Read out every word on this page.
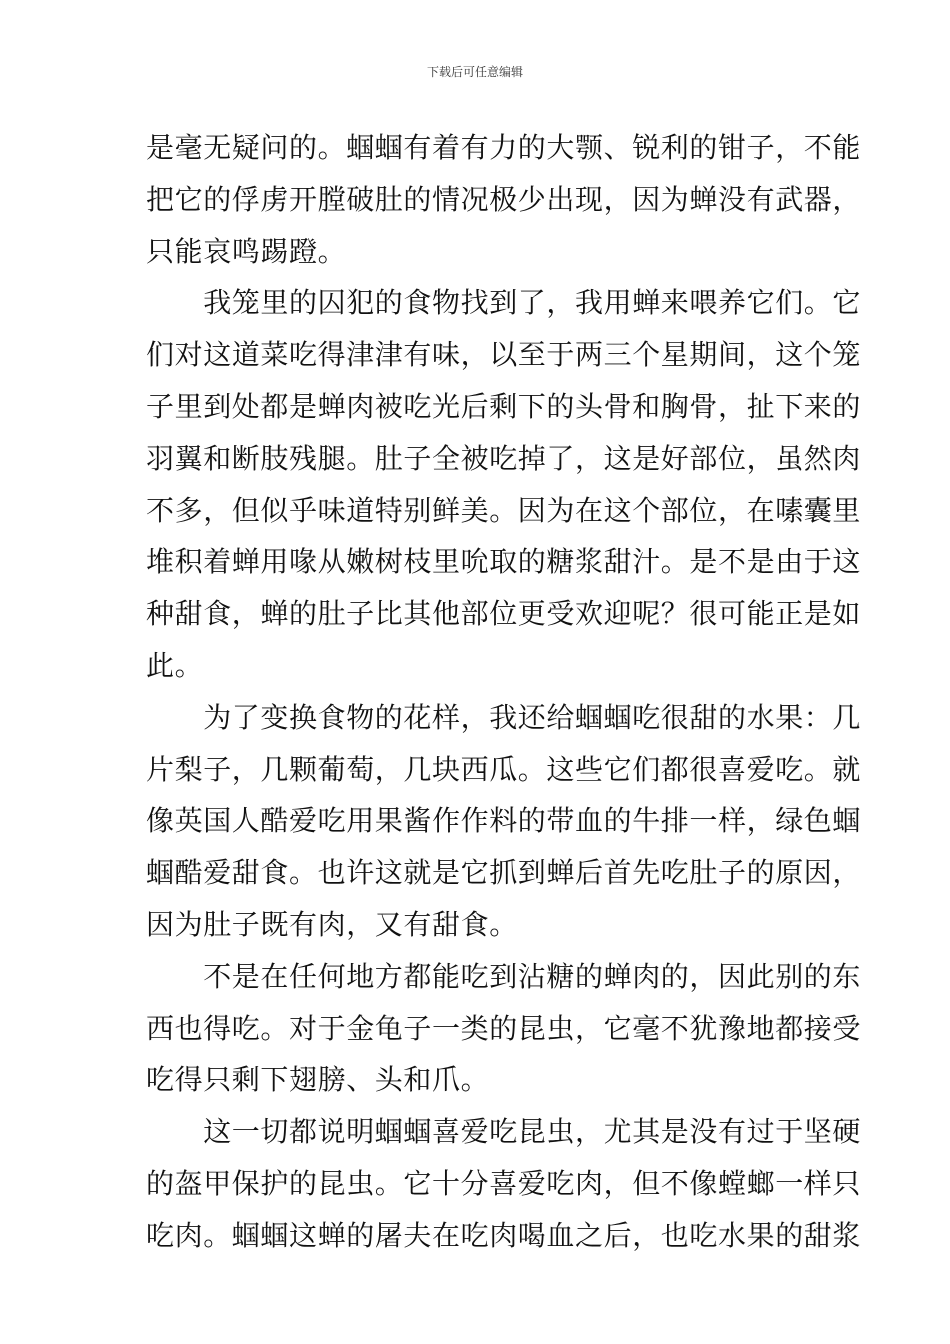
下载后可任意编辑
是毫无疑问的。蝈蝈有着有力的大颚、锐利的钳子，不能
把它的俘虏开膛破肚的情况极少出现，因为蝉没有武器，
只能哀鸣踢蹬。
　　我笼里的囚犯的食物找到了，我用蝉来喂养它们。它
们对这道菜吃得津津有味，以至于两三个星期间，这个笼
子里到处都是蝉肉被吃光后剩下的头骨和胸骨，扯下来的
羽翼和断肢残腿。肚子全被吃掉了，这是好部位，虽然肉
不多，但似乎味道特别鲜美。因为在这个部位，在嗉囊里
堆积着蝉用喙从嫩树枝里吮取的糖浆甜汁。是不是由于这
种甜食，蝉的肚子比其他部位更受欢迎呢？很可能正是如
此。
　　为了变换食物的花样，我还给蝈蝈吃很甜的水果：几
片梨子，几颗葡萄，几块西瓜。这些它们都很喜爱吃。就
像英国人酷爱吃用果酱作作料的带血的牛排一样，绿色蝈
蝈酷爱甜食。也许这就是它抓到蝉后首先吃肚子的原因，
因为肚子既有肉，又有甜食。
　　不是在任何地方都能吃到沾糖的蝉肉的，因此别的东
西也得吃。对于金龟子一类的昆虫，它毫不犹豫地都接受
吃得只剩下翅膀、头和爪。
　　这一切都说明蝈蝈喜爱吃昆虫，尤其是没有过于坚硬
的盔甲保护的昆虫。它十分喜爱吃肉，但不像螳螂一样只
吃肉。蝈蝈这蝉的屠夫在吃肉喝血之后，也吃水果的甜浆
